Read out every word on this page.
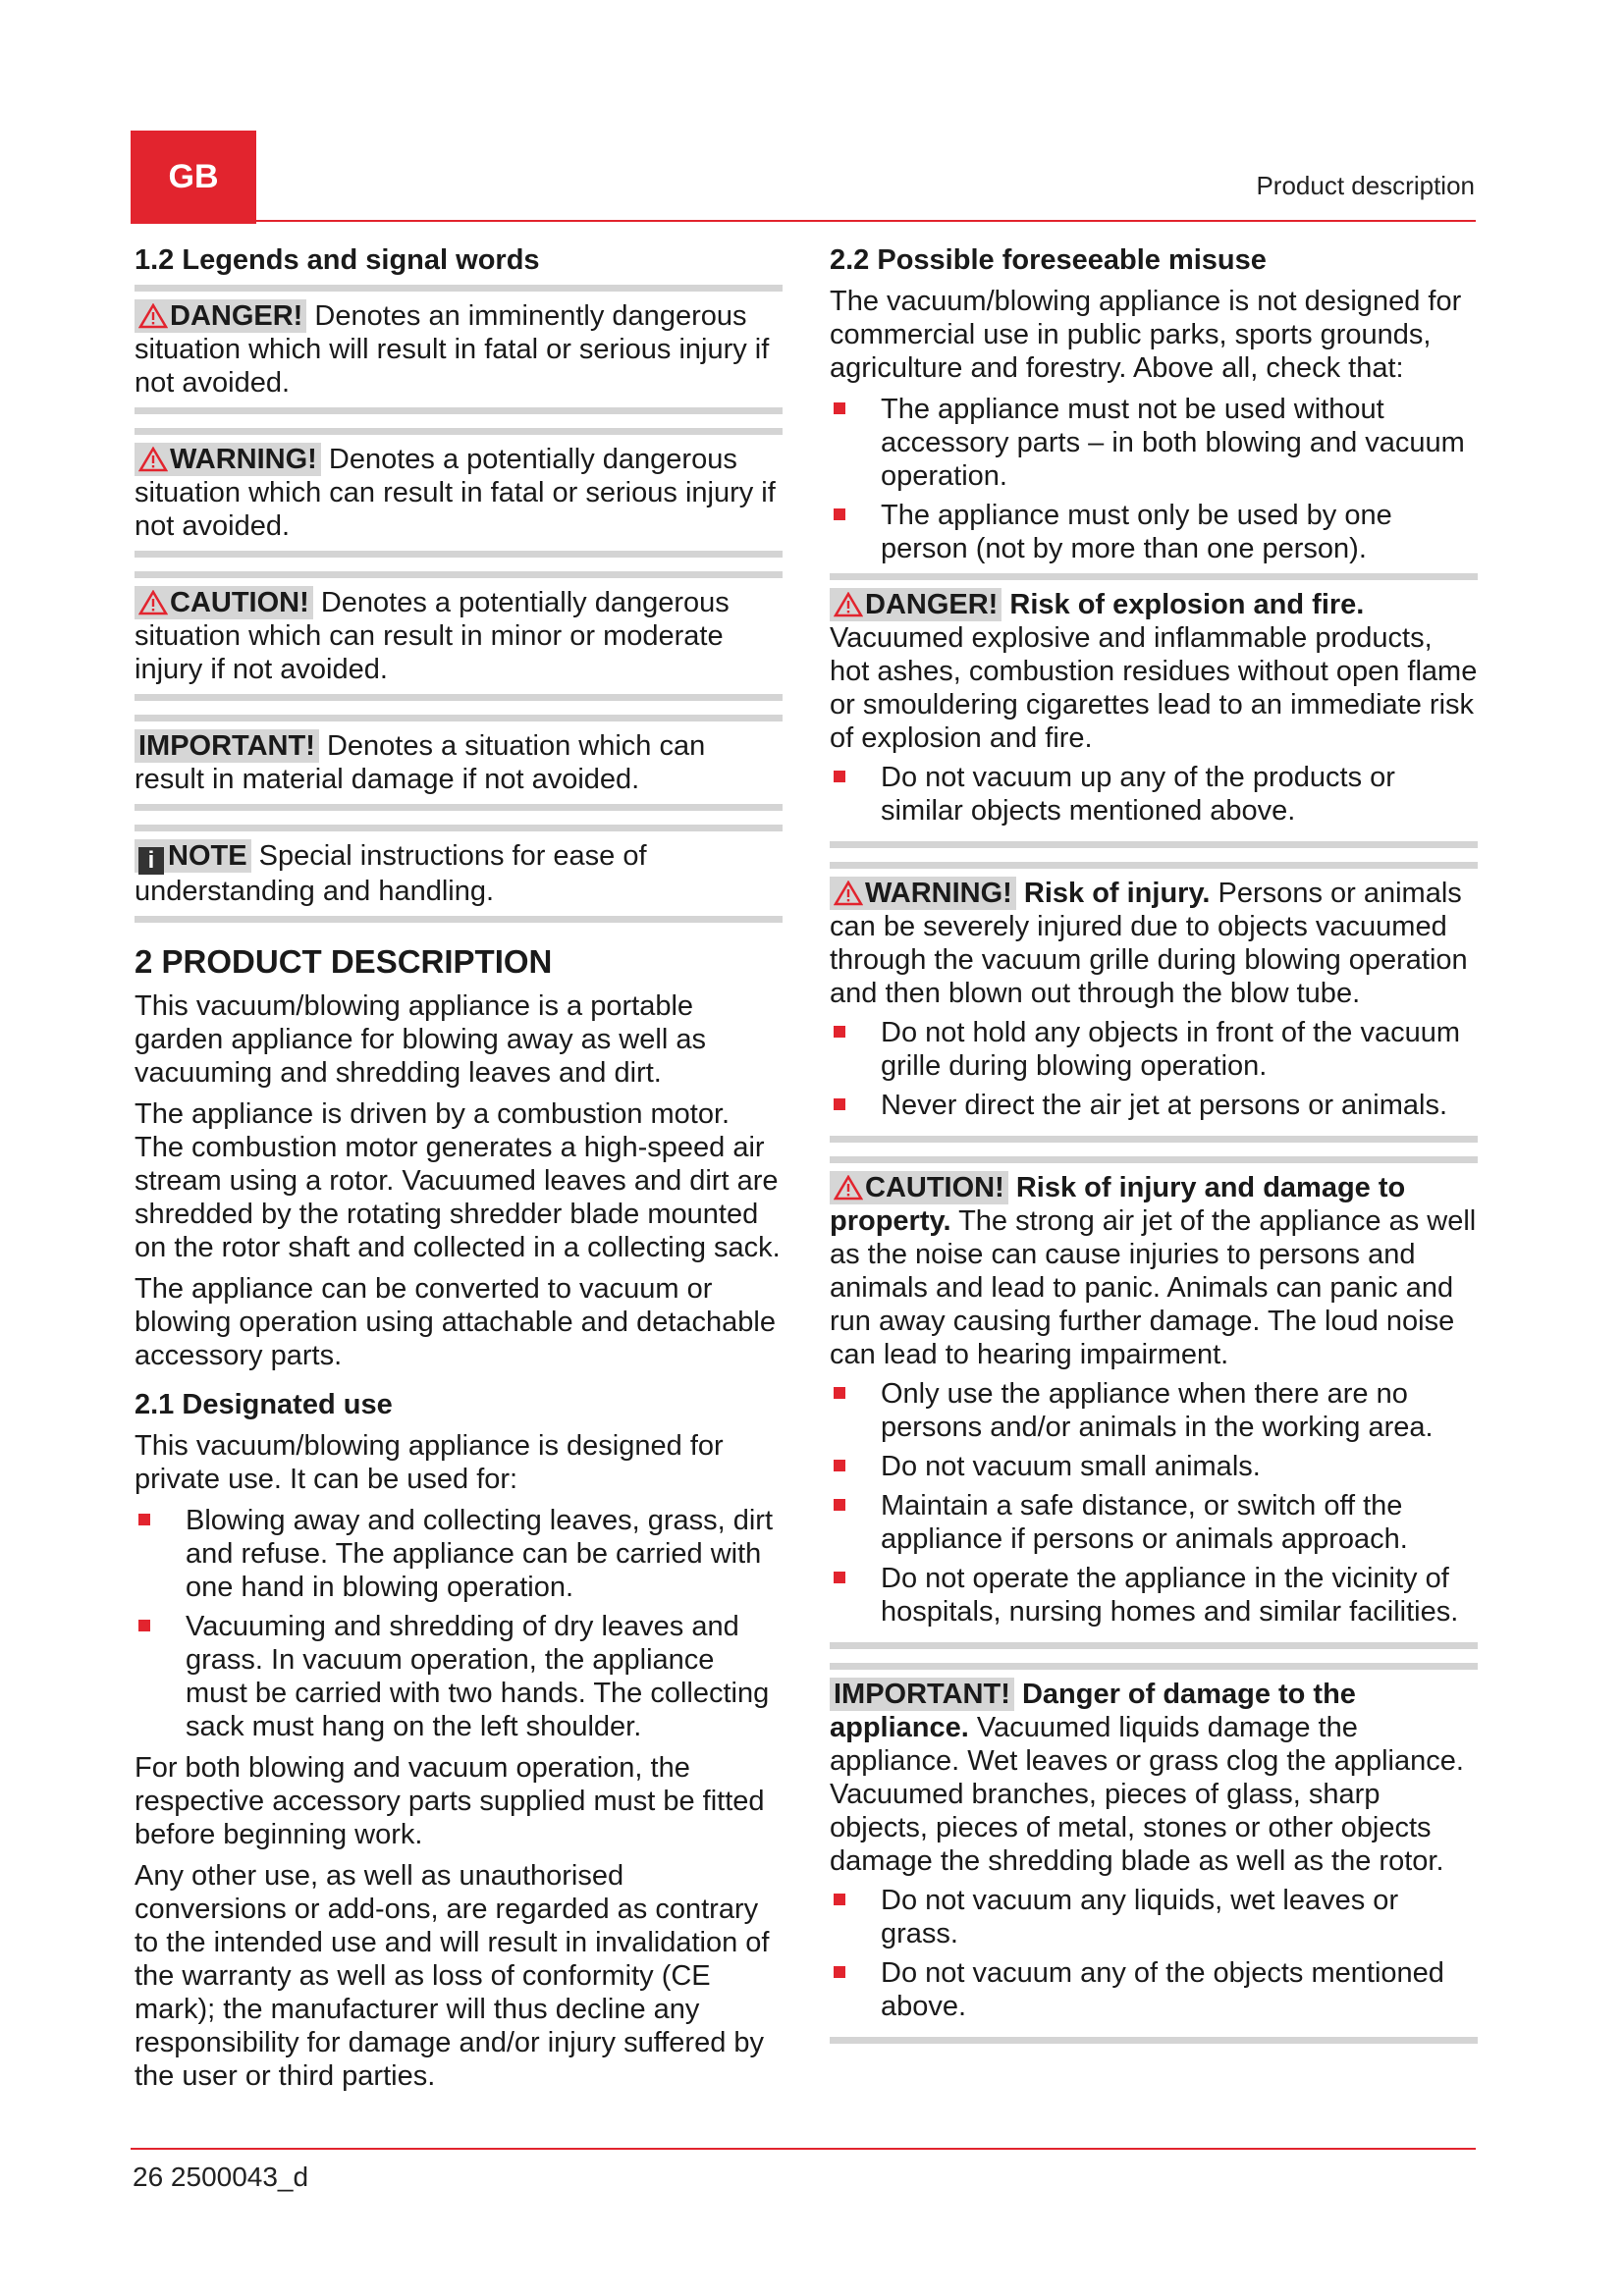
GB	Product description
1.2 Legends and signal words
DANGER! Denotes an imminently dangerous situation which will result in fatal or serious injury if not avoided.
WARNING! Denotes a potentially dangerous situation which can result in fatal or serious injury if not avoided.
CAUTION! Denotes a potentially dangerous situation which can result in minor or moderate injury if not avoided.
IMPORTANT! Denotes a situation which can result in material damage if not avoided.
i NOTE Special instructions for ease of understanding and handling.
2 PRODUCT DESCRIPTION

This vacuum/blowing appliance is a portable garden appliance for blowing away as well as vacuuming and shredding leaves and dirt.

The appliance is driven by a combustion motor. The combustion motor generates a high-speed air stream using a rotor. Vacuumed leaves and dirt are shredded by the rotating shredder blade mounted on the rotor shaft and collected in a collecting sack.

The appliance can be converted to vacuum or blowing operation using attachable and detachable accessory parts.

2.1 Designated use

This vacuum/blowing appliance is designed for private use. It can be used for:

Blowing away and collecting leaves, grass, dirt and refuse. The appliance can be carried with one hand in blowing operation.
Vacuuming and shredding of dry leaves and grass. In vacuum operation, the appliance must be carried with two hands. The collecting sack must hang on the left shoulder.

For both blowing and vacuum operation, the respective accessory parts supplied must be fitted before beginning work.

Any other use, as well as unauthorised conversions or add-ons, are regarded as contrary to the intended use and will result in invalidation of the warranty as well as loss of conformity (CE mark); the manufacturer will thus decline any responsibility for damage and/or injury suffered by the user or third parties.

2.2 Possible foreseeable misuse

The vacuum/blowing appliance is not designed for commercial use in public parks, sports grounds, agriculture and forestry. Above all, check that:

The appliance must not be used without accessory parts – in both blowing and vacuum operation.
The appliance must only be used by one person (not by more than one person).
DANGER! Risk of explosion and fire.
Vacuumed explosive and inflammable products, hot ashes, combustion residues without open flame or smouldering cigarettes lead to an immediate risk of explosion and fire.
Do not vacuum up any of the products or similar objects mentioned above.
WARNING! Risk of injury. Persons or animals can be severely injured due to objects vacuumed through the vacuum grille during blowing operation and then blown out through the blow tube.
Do not hold any objects in front of the vacuum grille during blowing operation.
Never direct the air jet at persons or animals.
CAUTION! Risk of injury and damage to property. The strong air jet of the appliance as well as the noise can cause injuries to persons and animals and lead to panic. Animals can panic and run away causing further damage. The loud noise can lead to hearing impairment.
Only use the appliance when there are no persons and/or animals in the working area.
Do not vacuum small animals.
Maintain a safe distance, or switch off the appliance if persons or animals approach.
Do not operate the appliance in the vicinity of hospitals, nursing homes and similar facilities.
IMPORTANT! Danger of damage to the appliance. Vacuumed liquids damage the appliance. Wet leaves or grass clog the appliance. Vacuumed branches, pieces of glass, sharp objects, pieces of metal, stones or other objects damage the shredding blade as well as the rotor.
Do not vacuum any liquids, wet leaves or grass.
Do not vacuum any of the objects mentioned above.
26 2500043_d
